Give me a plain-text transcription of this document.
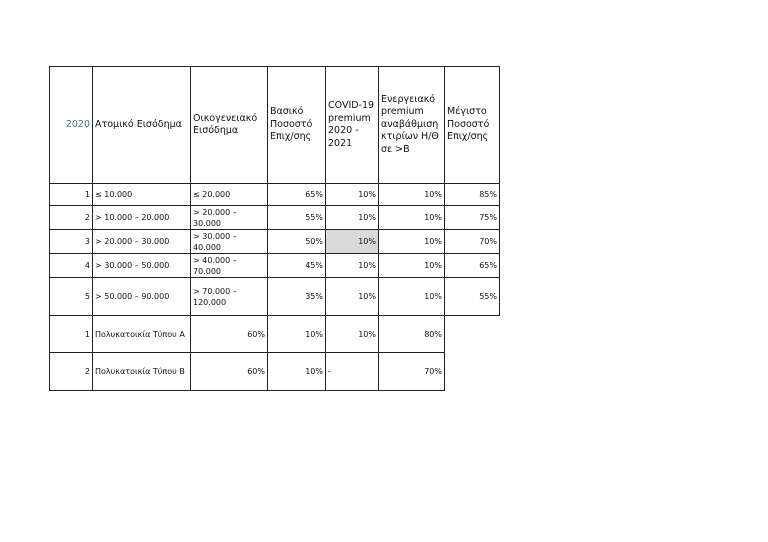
2020	Ατομικό Εισόδημα	Οικογενειακό Εισόδημα	Βασικό Ποσοστό Επιχ/σης	COVID-19 premium 2020 - 2021	Ενεργειακό premium αναβάθμιση κτιρίων Η/Θ σε >Β	Μέγιστο Ποσοστό Επιχ/σης
1	≤ 10.000	≤ 20.000	65%	10%	10%	85%
2	> 10.000 – 20.000	> 20.000 – 30.000	55%	10%	10%	75%
3	> 20.000 – 30.000	> 30.000 – 40.000	50%	10%	10%	70%
4	> 30.000 – 50.000	> 40.000 – 70.000	45%	10%	10%	65%
5	> 50.000 – 90.000	> 70.000 – 120.000	35%	10%	10%	55%
1	Πολυκατοικία Τύπου Α	60%	10%	10%	80%	
2	Πολυκατοικία Τύπου Β	60%	10%	-	70%	
